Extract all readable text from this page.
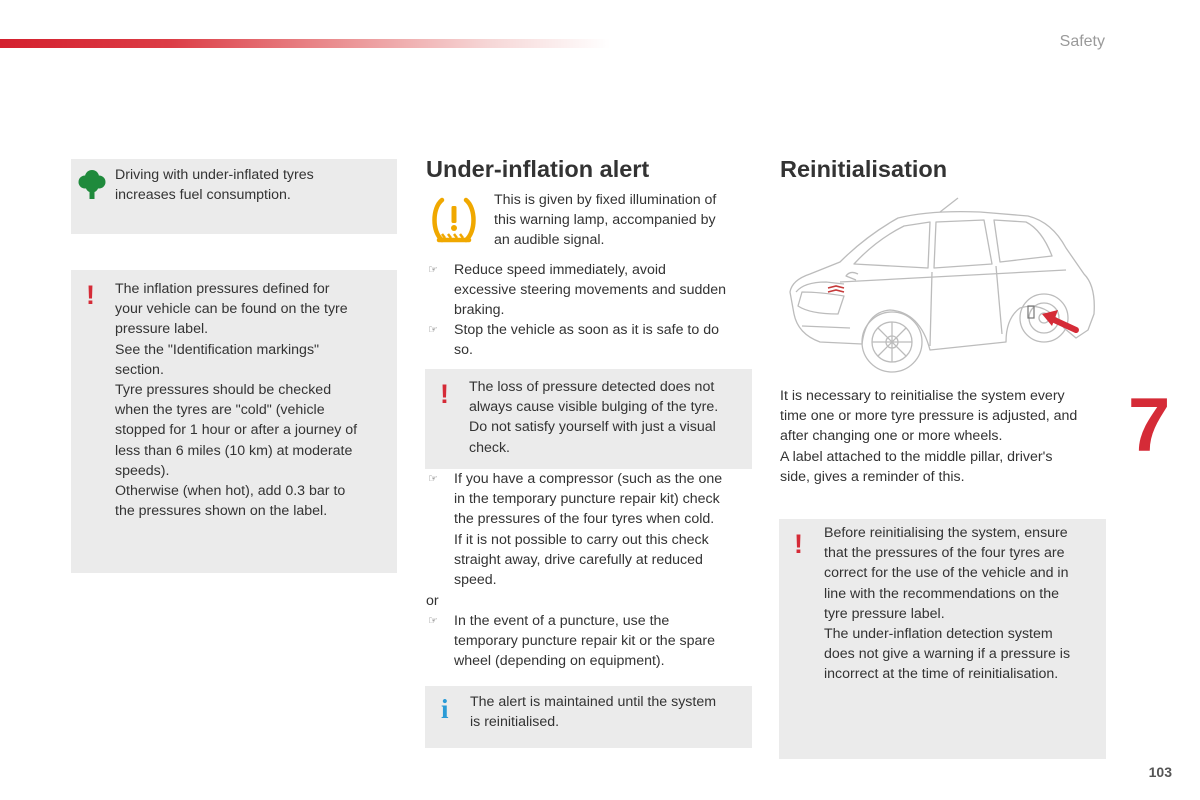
Safety
Driving with under-inflated tyres
increases fuel consumption.
! The inflation pressures defined for
your vehicle can be found on the tyre
pressure label.
See the "Identification markings"
section.
Tyre pressures should be checked
when the tyres are "cold" (vehicle
stopped for 1 hour or after a journey of
less than 6 miles (10 km) at moderate
speeds).
Otherwise (when hot), add 0.3 bar to
the pressures shown on the label.
Under-inflation alert
This is given by fixed illumination of
this warning lamp, accompanied by
an audible signal.
☞ Reduce speed immediately, avoid
excessive steering movements and sudden
braking.
☞ Stop the vehicle as soon as it is safe to do
so.
! The loss of pressure detected does not
always cause visible bulging of the tyre.
Do not satisfy yourself with just a visual
check.
☞ If you have a compressor (such as the one
in the temporary puncture repair kit) check
the pressures of the four tyres when cold.
If it is not possible to carry out this check
straight away, drive carefully at reduced
speed.
or
☞ In the event of a puncture, use the
temporary puncture repair kit or the spare
wheel (depending on equipment).
i The alert is maintained until the system
is reinitialised.
Reinitialisation
It is necessary to reinitialise the system every
time one or more tyre pressure is adjusted, and
after changing one or more wheels.
A label attached to the middle pillar, driver's
side, gives a reminder of this.
! Before reinitialising the system, ensure
that the pressures of the four tyres are
correct for the use of the vehicle and in
line with the recommendations on the
tyre pressure label.
The under-inflation detection system
does not give a warning if a pressure is
incorrect at the time of reinitialisation.
7
103
